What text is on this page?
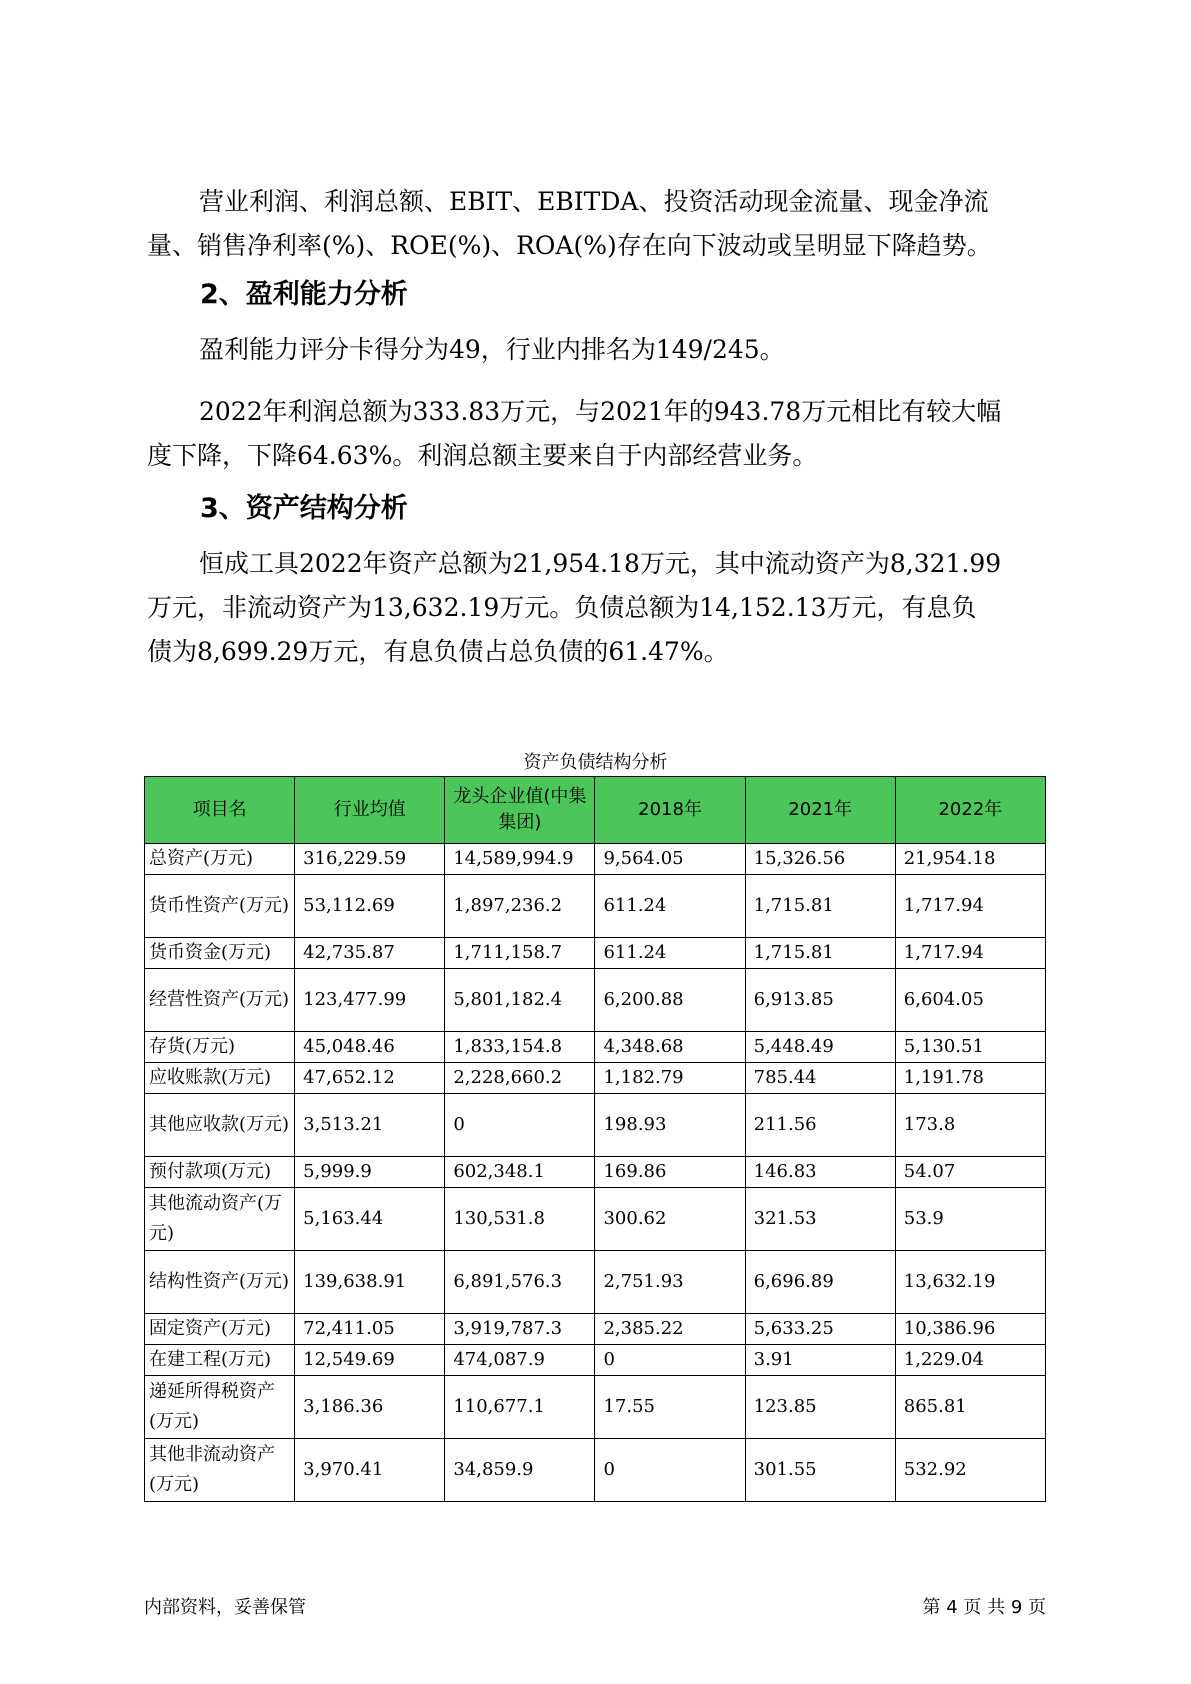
营业利润、利润总额、EBIT、EBITDA、投资活动现金流量、现金净流
量、销售净利率(%)、ROE(%)、ROA(%)存在向下波动或呈明显下降趋势。
2、盈利能力分析
盈利能力评分卡得分为49，行业内排名为149/245。
2022年利润总额为333.83万元，与2021年的943.78万元相比有较大幅
度下降，下降64.63%。利润总额主要来自于内部经营业务。
3、资产结构分析
恒成工具2022年资产总额为21,954.18万元，其中流动资产为8,321.99
万元，非流动资产为13,632.19万元。负债总额为14,152.13万元，有息负
债为8,699.29万元，有息负债占总负债的61.47%。
资产负债结构分析
项目名	行业均值	龙头企业值(中集集团)	2018年	2021年	2022年
总资产(万元)	316,229.59	14,589,994.9	9,564.05	15,326.56	21,954.18
货币性资产(万元)	53,112.69	1,897,236.2	611.24	1,715.81	1,717.94
货币资金(万元)	42,735.87	1,711,158.7	611.24	1,715.81	1,717.94
经营性资产(万元)	123,477.99	5,801,182.4	6,200.88	6,913.85	6,604.05
存货(万元)	45,048.46	1,833,154.8	4,348.68	5,448.49	5,130.51
应收账款(万元)	47,652.12	2,228,660.2	1,182.79	785.44	1,191.78
其他应收款(万元)	3,513.21	0	198.93	211.56	173.8
预付款项(万元)	5,999.9	602,348.1	169.86	146.83	54.07
其他流动资产(万元)	5,163.44	130,531.8	300.62	321.53	53.9
结构性资产(万元)	139,638.91	6,891,576.3	2,751.93	6,696.89	13,632.19
固定资产(万元)	72,411.05	3,919,787.3	2,385.22	5,633.25	10,386.96
在建工程(万元)	12,549.69	474,087.9	0	3.91	1,229.04
递延所得税资产(万元)	3,186.36	110,677.1	17.55	123.85	865.81
其他非流动资产(万元)	3,970.41	34,859.9	0	301.55	532.92
内部资料，妥善保管	第 4 页 共 9 页
